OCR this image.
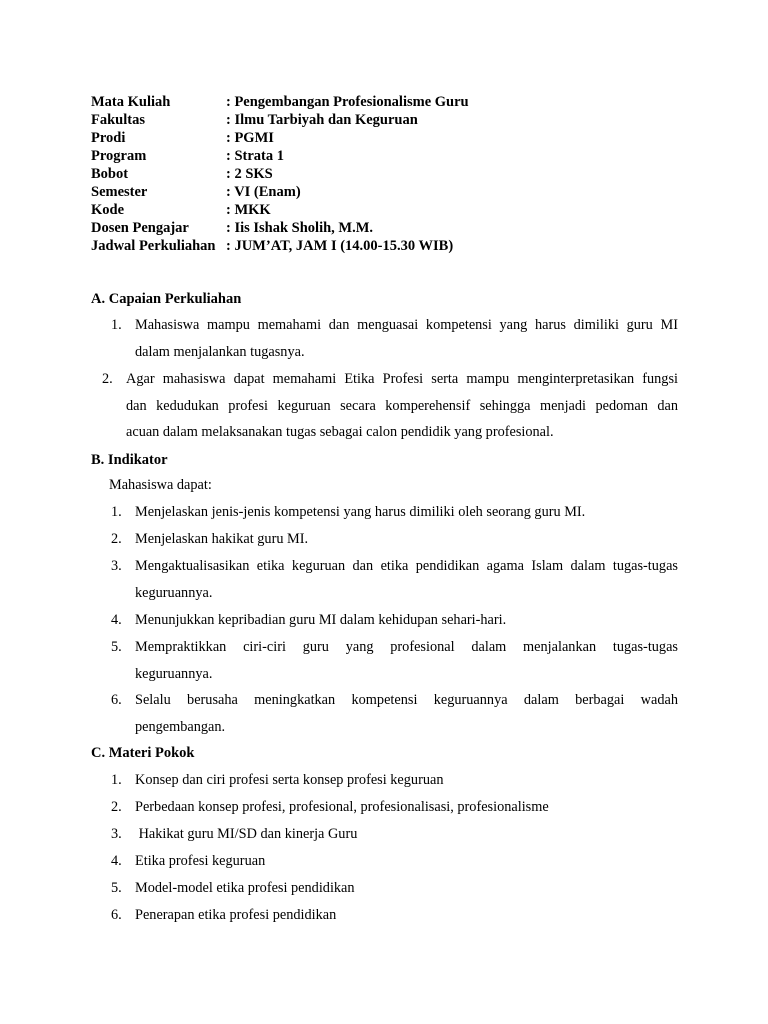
Mata Kuliah	: Pengembangan Profesionalisme Guru
Fakultas	: Ilmu Tarbiyah dan Keguruan
Prodi	: PGMI
Program	: Strata 1
Bobot	: 2 SKS
Semester	: VI (Enam)
Kode	: MKK
Dosen Pengajar	: Iis Ishak Sholih, M.M.
Jadwal Perkuliahan : JUM’AT, JAM I (14.00-15.30 WIB)
A. Capaian Perkuliahan
1. Mahasiswa mampu memahami dan menguasai kompetensi yang harus dimiliki guru MI
dalam menjalankan tugasnya.
2. Agar mahasiswa dapat memahami Etika Profesi serta mampu menginterpretasikan fungsi
dan kedudukan profesi keguruan secara komperehensif sehingga menjadi pedoman dan
acuan dalam melaksanakan tugas sebagai calon pendidik yang profesional.
B. Indikator
Mahasiswa dapat:
1. Menjelaskan jenis-jenis kompetensi yang harus dimiliki oleh seorang guru MI.
2. Menjelaskan hakikat guru MI.
3. Mengaktualisasikan etika keguruan dan etika pendidikan agama Islam dalam tugas-tugas
keguruannya.
4. Menunjukkan kepribadian guru MI dalam kehidupan sehari-hari.
5. Mempraktikkan ciri-ciri guru yang profesional dalam menjalankan tugas-tugas
keguruannya.
6. Selalu berusaha meningkatkan kompetensi keguruannya dalam berbagai wadah
pengembangan.
C. Materi Pokok
1. Konsep dan ciri profesi serta konsep profesi keguruan
2. Perbedaan konsep profesi, profesional, profesionalisasi, profesionalisme
3. Hakikat guru MI/SD dan kinerja Guru
4. Etika profesi keguruan
5. Model-model etika profesi pendidikan
6. Penerapan etika profesi pendidikan
